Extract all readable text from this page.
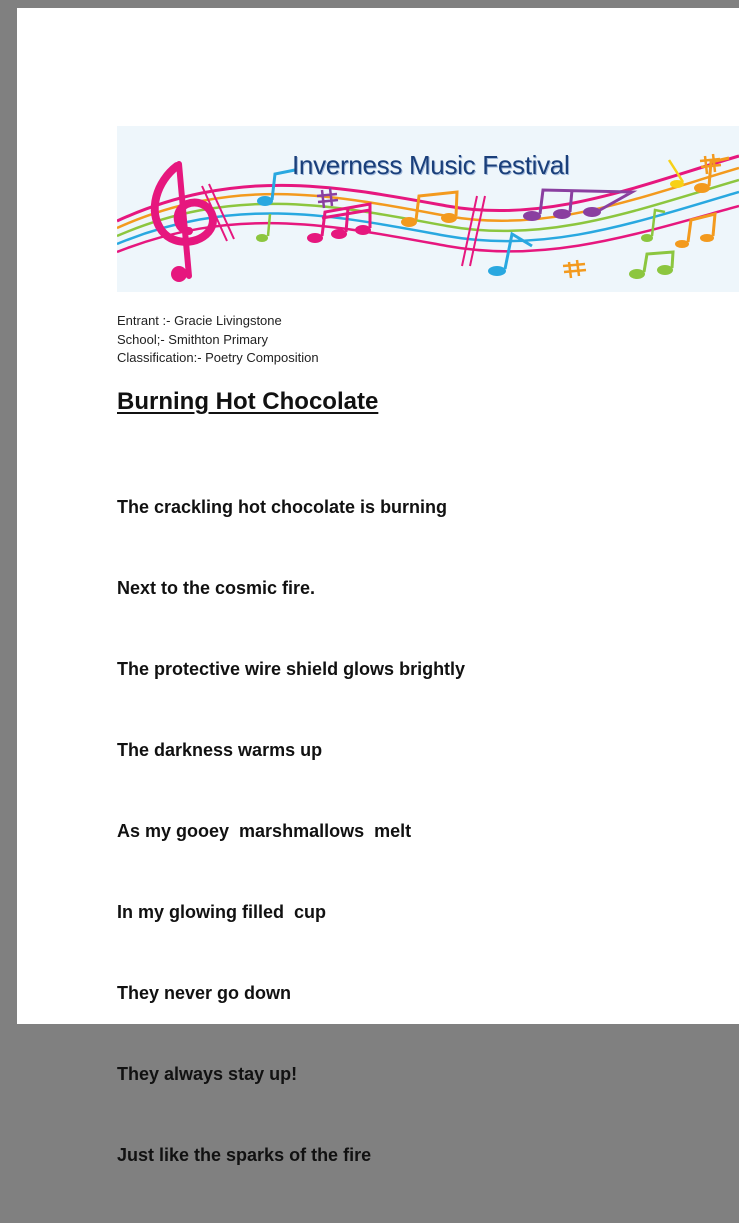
Inverness Music Festival
Entrant :- Gracie Livingstone
School;- Smithton Primary
Classification:- Poetry Composition
Burning Hot Chocolate

The crackling hot chocolate is burning

Next to the cosmic fire.

The protective wire shield glows brightly

The darkness warms up

As my gooey  marshmallows  melt

In my glowing filled  cup

They never go down

They always stay up!

Just like the sparks of the fire
